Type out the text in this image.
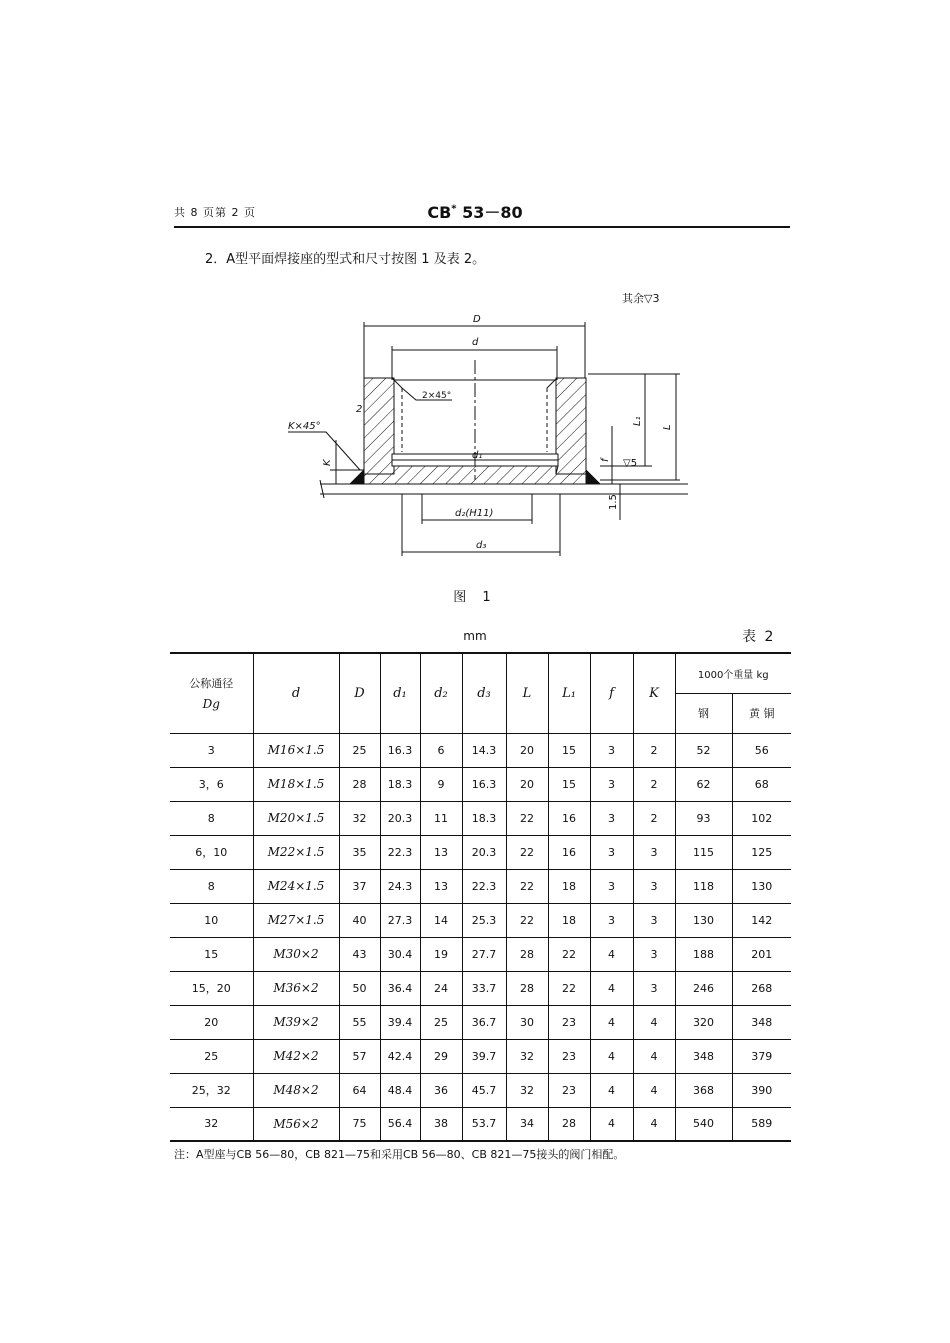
共 8 页第 2 页	CB* 53－80
2．A型平面焊接座的型式和尺寸按图 1 及表 2。
其余▽3
D
d
2×45°
2
K×45°
K
d₁
d₂(H11)
d₃
L₁
L
f ▽5
1.5
图 1
mm	表 2
公称通径
Dg	d	D	d₁	d₂	d₃	L	L₁	f	K	1000个重量 kg	
										钢	黄 铜
3	M16×1.5	25	16.3	6	14.3	20	15	3	2	52	56
3，6	M18×1.5	28	18.3	9	16.3	20	15	3	2	62	68
8	M20×1.5	32	20.3	11	18.3	22	16	3	2	93	102
6，10	M22×1.5	35	22.3	13	20.3	22	16	3	3	115	125
8	M24×1.5	37	24.3	13	22.3	22	18	3	3	118	130
10	M27×1.5	40	27.3	14	25.3	22	18	3	3	130	142
15	M30×2	43	30.4	19	27.7	28	22	4	3	188	201
15，20	M36×2	50	36.4	24	33.7	28	22	4	3	246	268
20	M39×2	55	39.4	25	36.7	30	23	4	4	320	348
25	M42×2	57	42.4	29	39.7	32	23	4	4	348	379
25，32	M48×2	64	48.4	36	45.7	32	23	4	4	368	390
32	M56×2	75	56.4	38	53.7	34	28	4	4	540	589
注：A型座与CB 56—80，CB 821—75和采用CB 56—80、CB 821—75接头的阀门相配。
